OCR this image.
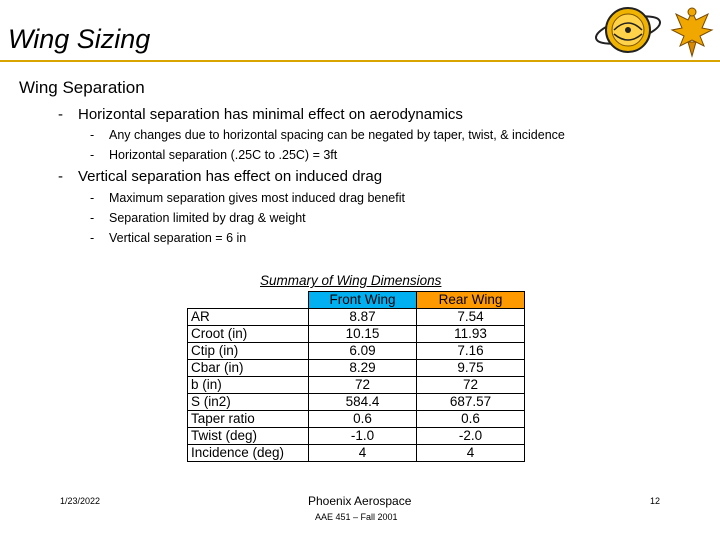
Wing Sizing
Wing Separation
- Horizontal separation has minimal effect on aerodynamics
- Any changes due to horizontal spacing can be negated by taper, twist, & incidence
- Horizontal separation (.25C to .25C) = 3ft
- Vertical separation has effect on induced drag
- Maximum separation gives most induced drag benefit
- Separation limited by drag & weight
- Vertical separation = 6 in
Summary of Wing Dimensions
	Front Wing	Rear Wing
AR	8.87	7.54
Croot (in)	10.15	11.93
Ctip (in)	6.09	7.16
Cbar (in)	8.29	9.75
b (in)	72	72
S (in2)	584.4	687.57
Taper ratio	0.6	0.6
Twist (deg)	-1.0	-2.0
Incidence (deg)	4	4
1/23/2022	Phoenix Aerospace
AAE 451 – Fall 2001
12
